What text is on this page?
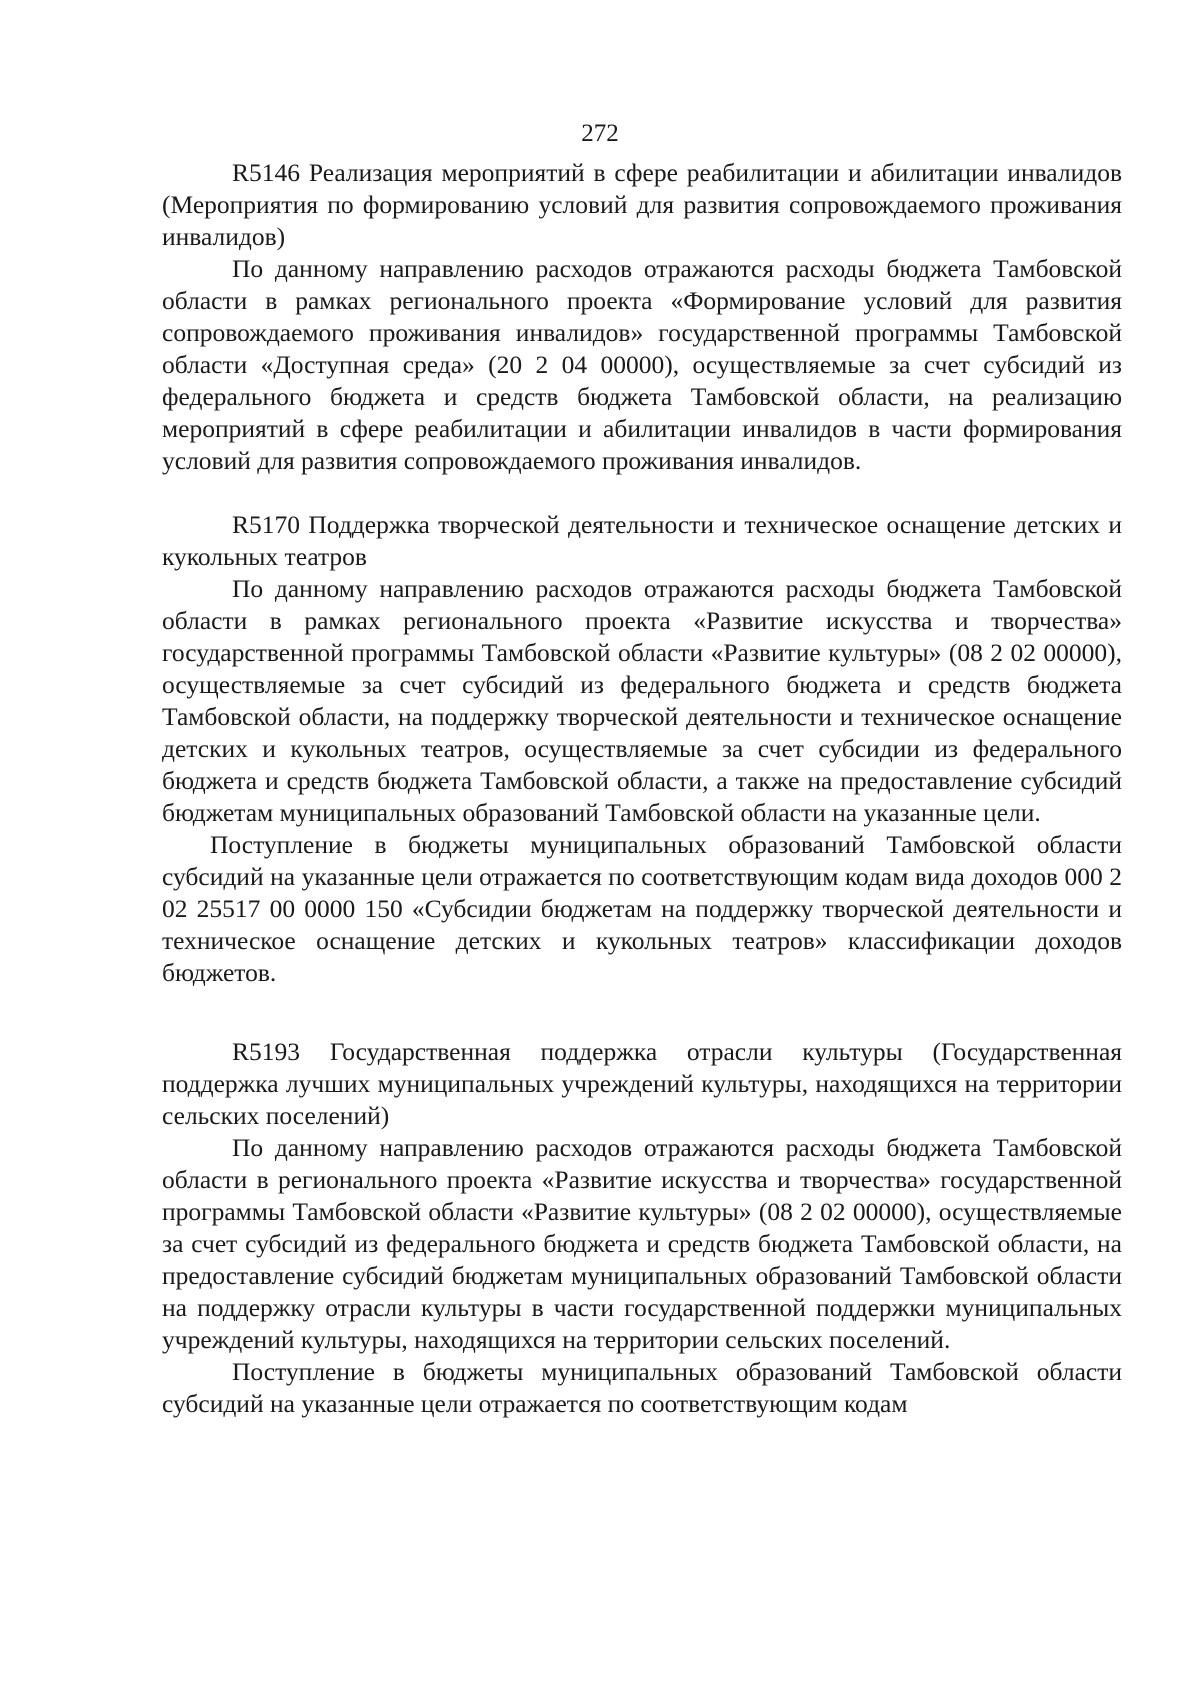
272

R5146 Реализация мероприятий в сфере реабилитации и абилитации инвалидов (Мероприятия по формированию условий для развития сопровождаемого проживания инвалидов)

По данному направлению расходов отражаются расходы бюджета Тамбовской области в рамках регионального проекта «Формирование условий для развития сопровождаемого проживания инвалидов» государственной программы Тамбовской области «Доступная среда» (20 2 04 00000), осуществляемые за счет субсидий из федерального бюджета и средств бюджета Тамбовской области, на реализацию мероприятий в сфере реабилитации и абилитации инвалидов в части формирования условий для развития сопровождаемого проживания инвалидов.

R5170 Поддержка творческой деятельности и техническое оснащение детских и кукольных театров

По данному направлению расходов отражаются расходы бюджета Тамбовской области в рамках регионального проекта «Развитие искусства и творчества» государственной программы Тамбовской области «Развитие культуры» (08 2 02 00000), осуществляемые за счет субсидий из федерального бюджета и средств бюджета Тамбовской области, на поддержку творческой деятельности и техническое оснащение детских и кукольных театров, осуществляемые за счет субсидии из федерального бюджета и средств бюджета Тамбовской области, а также на предоставление субсидий бюджетам муниципальных образований Тамбовской области на указанные цели.

Поступление в бюджеты муниципальных образований Тамбовской области субсидий на указанные цели отражается по соответствующим кодам вида доходов 000 2 02 25517 00 0000 150 «Субсидии бюджетам на поддержку творческой деятельности и техническое оснащение детских и кукольных театров» классификации доходов бюджетов.

R5193 Государственная поддержка отрасли культуры (Государственная поддержка лучших муниципальных учреждений культуры, находящихся на территории сельских поселений)

По данному направлению расходов отражаются расходы бюджета Тамбовской области в регионального проекта «Развитие искусства и творчества» государственной программы Тамбовской области «Развитие культуры» (08 2 02 00000), осуществляемые за счет субсидий из федерального бюджета и средств бюджета Тамбовской области, на предоставление субсидий бюджетам муниципальных образований Тамбовской области на поддержку отрасли культуры в части государственной поддержки муниципальных учреждений культуры, находящихся на территории сельских поселений.

Поступление в бюджеты муниципальных образований Тамбовской области субсидий на указанные цели отражается по соответствующим кодам
